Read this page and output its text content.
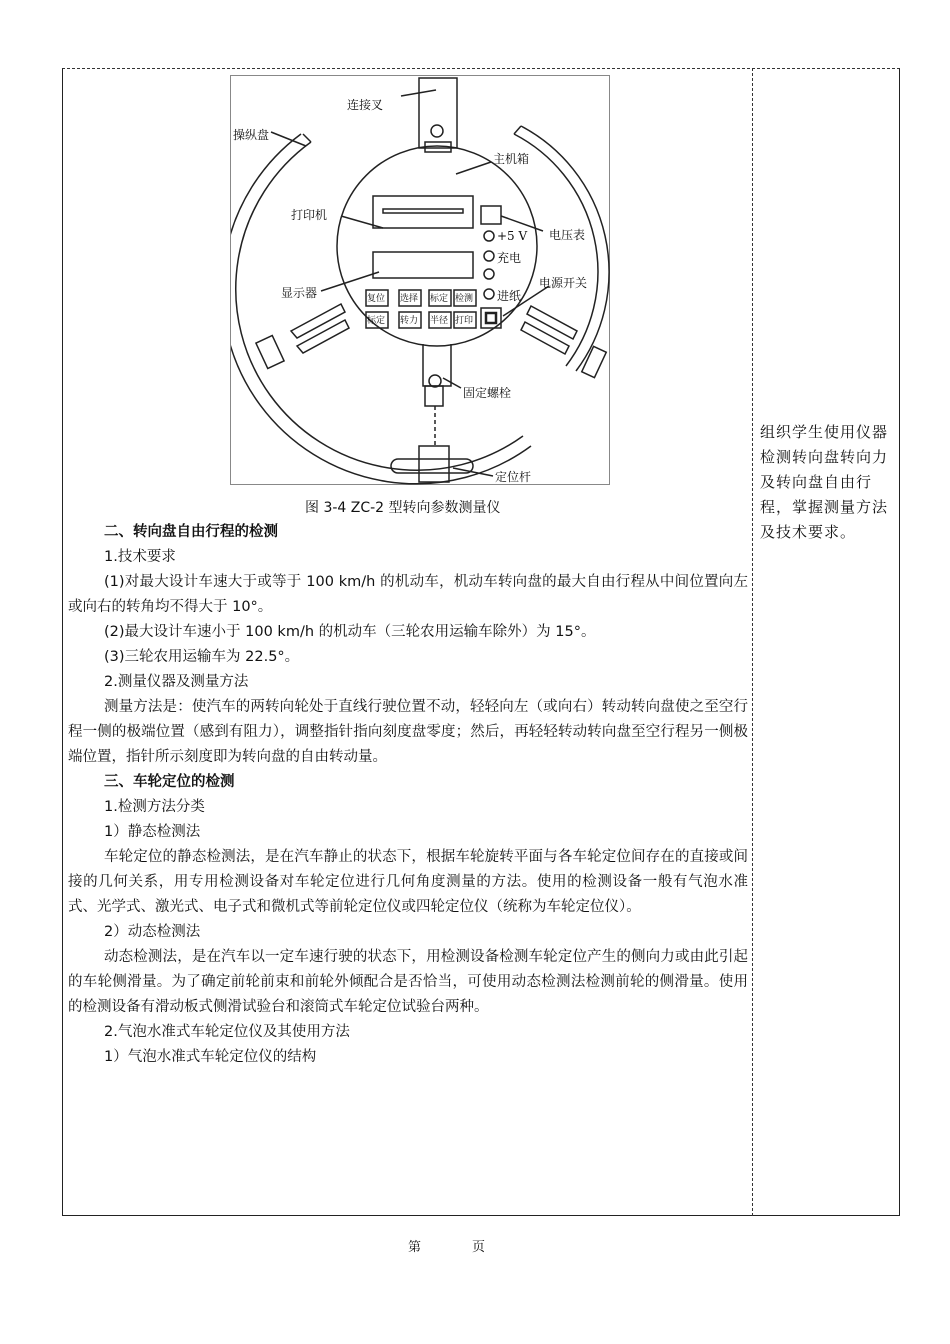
连接叉
操纵盘
主机箱
打印机
电压表
+5 V
充电
电源开关
显示器	进纸
复位 选择 标定 检测
标定 转力 半径 打印
固定螺栓
定位杆
图 3-4 ZC-2 型转向参数测量仪

二、转向盘自由行程的检测

1.技术要求

(1)对最大设计车速大于或等于 100 km/h 的机动车，机动车转向盘的最大自由行程从中间位置向左或向右的转角均不得大于 10°。

(2)最大设计车速小于 100 km/h 的机动车（三轮农用运输车除外）为 15°。

(3)三轮农用运输车为 22.5°。

2.测量仪器及测量方法

测量方法是：使汽车的两转向轮处于直线行驶位置不动，轻轻向左（或向右）转动转向盘使之至空行程一侧的极端位置（感到有阻力），调整指针指向刻度盘零度；然后，再轻轻转动转向盘至空行程另一侧极端位置，指针所示刻度即为转向盘的自由转动量。

三、车轮定位的检测

1.检测方法分类

1）静态检测法

车轮定位的静态检测法，是在汽车静止的状态下，根据车轮旋转平面与各车轮定位间存在的直接或间接的几何关系，用专用检测设备对车轮定位进行几何角度测量的方法。使用的检测设备一般有气泡水准式、光学式、激光式、电子式和微机式等前轮定位仪或四轮定位仪（统称为车轮定位仪）。

2）动态检测法

动态检测法，是在汽车以一定车速行驶的状态下，用检测设备检测车轮定位产生的侧向力或由此引起的车轮侧滑量。为了确定前轮前束和前轮外倾配合是否恰当，可使用动态检测法检测前轮的侧滑量。使用的检测设备有滑动板式侧滑试验台和滚筒式车轮定位试验台两种。

2.气泡水准式车轮定位仪及其使用方法

1）气泡水准式车轮定位仪的结构

组织学生使用仪器检测转向盘转向力及转向盘自由行程，掌握测量方法及技术要求。
第	页
